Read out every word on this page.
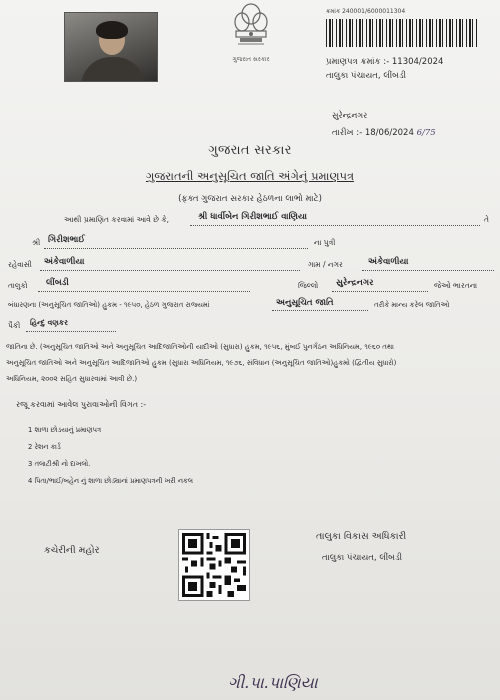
ગુજરાત સરકાર
ક્રમાંક 240001/6000011304
પ્રમાણપત્ર ક્રમાંક :- 11304/2024
તાલુકા પંચાયત, લીંબડી
સુરેન્દ્રનગર
તારીખ :- 18/06/2024 6/75
ગુજરાત સરકાર
ગુજરાતની અનુસૂચિત જાતિ અંગેનું પ્રમાણપત્ર
(ફક્ત ગુજરાત સરકાર હેઠળના લાભો માટે)
આથી પ્રમાણિત કરવામાં આવે છે કે,	શ્રી ધાર્વીબેન ગિરીશભાઈ વાણિયા	તે
શ્રી ગિરીશભાઈ	ના પુત્રી
રહેવાસી અંકેવાળીયા	ગામ / નગર	અંકેવાળીયા
તાલુકો લીંબડી	જિલ્લો સુરેન્દ્રનગર	જેઓ ભારતના
બંધારણના (અનુસૂચિત જાતિઓ) હુકમ - ૧૯૫૦, હેઠળ ગુજરાત રાજ્યમાં	અનુસૂચિત જાતિ	તરીકે માન્ય કરેલ જાતિઓ
પૈકી હિન્દુ વણકર
જાતિના છે. (અનુસૂચિત જાતિઓ અને અનુસૂચિત આદિજાતિઓની યાદીઓ (સુધારા) હુકમ, ૧૯૫૬, મુંબઈ પુનર્ગઠન અધિનિયમ, ૧૯૬૦ તથા
અનુસૂચિત જાતિઓ અને અનુસૂચિત આદિજાતિઓ હુકમ (સુધારા અધિનિયમ, ૧૯૭૬, સંવિધાન (અનુસૂચિત જાતિઓ)હુકમો (દ્વિતીય સુધારો)
અધિનિયમ, ૨૦૦૨ સહિત સુધારવામાં આવી છે.)
રજૂ કરવામાં આવેલ પુરાવાઓની વિગત :-
1 શાળા છોડયાનું પ્રમાણપત્ર
2 રેશન કાર્ડ
3 તલાટીશ્રી નો દાખલો.
4 પિતા/ભાઈ/બહેન નું શાળા છોડ્યાનાં પ્રમાણપત્રની ખરી નકલ
કચેરીની મહોર
તાલુકા વિકાસ અધિકારી
તાલુકા પંચાયત, લીંબડી
ગી.પા.પાણિયા
